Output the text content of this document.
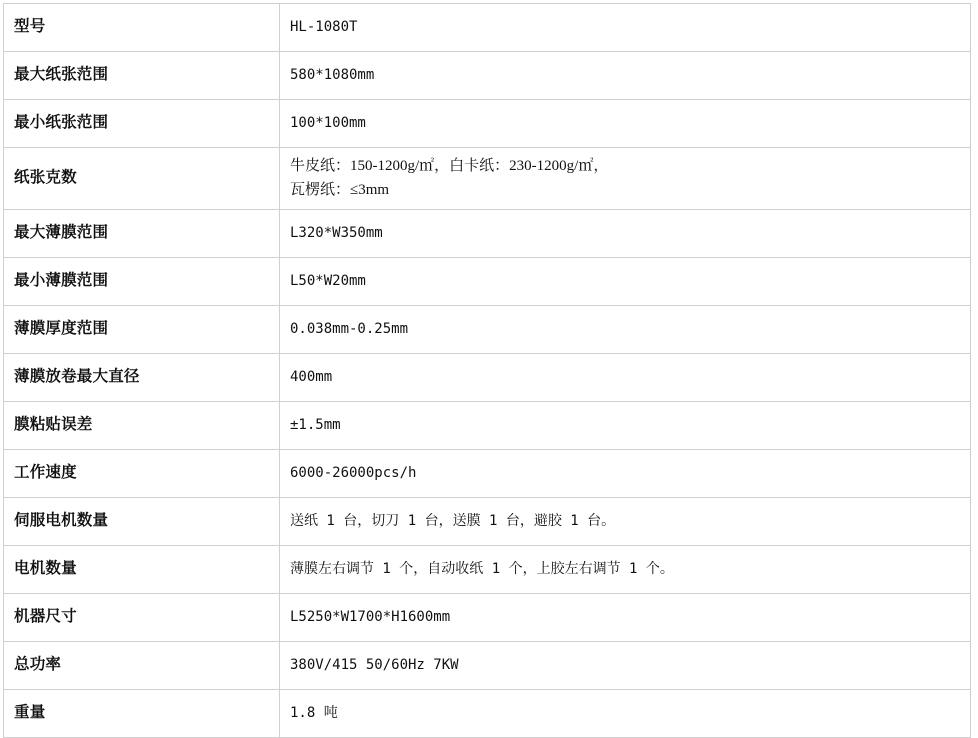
型号	HL-1080T
最大纸张范围	580*1080mm
最小纸张范围	100*100mm
纸张克数	牛皮纸：150-1200g/㎡，白卡纸：230-1200g/㎡，
瓦楞纸：≤3mm

最大薄膜范围	L320*W350mm
最小薄膜范围	L50*W20mm
薄膜厚度范围	0.038mm-0.25mm
薄膜放卷最大直径	400mm
膜粘贴误差	±1.5mm
工作速度	6000-26000pcs/h
伺服电机数量	送纸 1 台，切刀 1 台，送膜 1 台，避胶 1 台。
电机数量	薄膜左右调节 1 个，自动收纸 1 个，上胶左右调节 1 个。
机器尺寸	L5250*W1700*H1600mm
总功率	380V/415 50/60Hz 7KW
重量	1.8 吨
